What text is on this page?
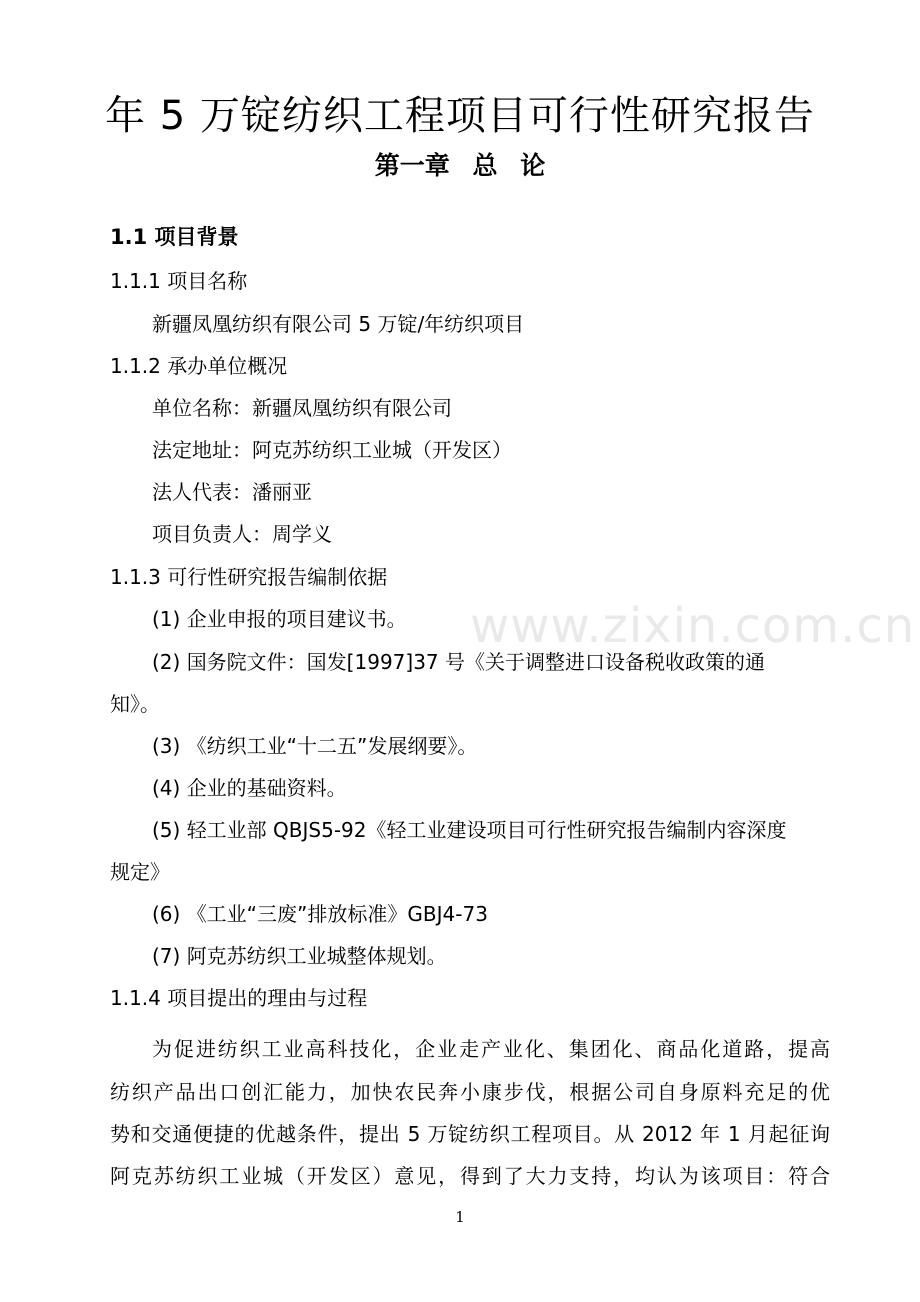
年 5 万锭纺织工程项目可行性研究报告
第一章 总 论
1.1 项目背景
1.1.1 项目名称
新疆凤凰纺织有限公司 5 万锭/年纺织项目
1.1.2 承办单位概况
单位名称：新疆凤凰纺织有限公司
法定地址：阿克苏纺织工业城（开发区）
法人代表：潘丽亚
项目负责人：周学义
1.1.3 可行性研究报告编制依据
(1) 企业申报的项目建议书。
(2) 国务院文件：国发[1997]37 号《关于调整进口设备税收政策的通
知》。
(3) 《纺织工业“十二五”发展纲要》。
(4) 企业的基础资料。
(5) 轻工业部 QBJS5-92《轻工业建设项目可行性研究报告编制内容深度
规定》
(6) 《工业“三废”排放标准》GBJ4-73
(7) 阿克苏纺织工业城整体规划。
1.1.4 项目提出的理由与过程
为促进纺织工业高科技化，企业走产业化、集团化、商品化道路，提高
纺织产品出口创汇能力，加快农民奔小康步伐，根据公司自身原料充足的优
势和交通便捷的优越条件，提出 5 万锭纺织工程项目。从 2012 年 1 月起征询
阿克苏纺织工业城（开发区）意见，得到了大力支持，均认为该项目：符合
www.zixin.com.cn
1
